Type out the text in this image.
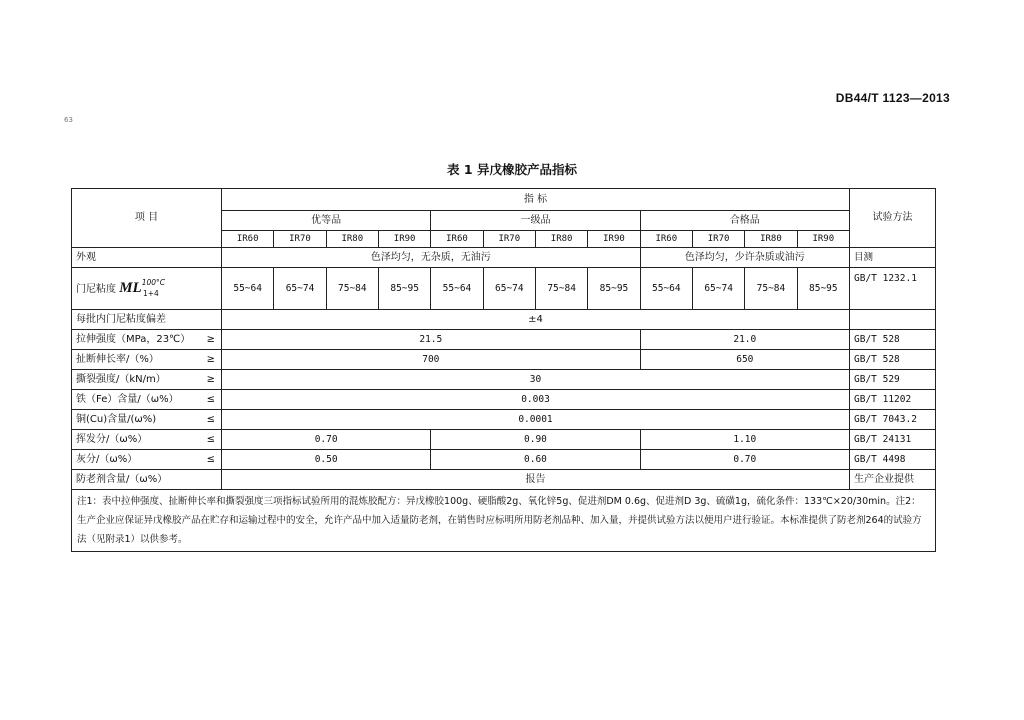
DB44/T 1123—2013
63
表 1 异戊橡胶产品指标
项 目	指 标												试验方法
	优等品				一级品				合格品				
	IR60	IR70	IR80	IR90	IR60	IR70	IR80	IR90	IR60	IR70	IR80	IR90	
外观	色泽均匀，无杂质，无油污								色泽均匀，少许杂质或油污				目测
门尼粘度 $ML^{100^\circ C}_{1+4}$	55~64	65~74	75~84	85~95	55~64	65~74	75~84	85~95	55~64	65~74	75~84	85~95	GB/T 1232.1
每批内门尼粘度偏差	±4												
拉伸强度（MPa，23℃） ≥	21.5								21.0				GB/T 528
扯断伸长率/（%） ≥	700								650				GB/T 528
撕裂强度/（kN/m） ≥	30												GB/T 529
铁（Fe）含量/（ω%） ≤	0.003												GB/T 11202
铜(Cu)含量/(ω%) ≤	0.0001												GB/T 7043.2
挥发分/（ω%） ≤	0.70				0.90				1.10				GB/T 24131
灰分/（ω%） ≤	0.50				0.60				0.70				GB/T 4498
防老剂含量/（ω%）	报告												生产企业提供
注1：表中拉伸强度、扯断伸长率和撕裂强度三项指标试验所用的混炼胶配方：异戊橡胶100g、硬脂酸2g、氧化锌5g、促进剂DM 0.6g、促进剂D 3g、硫磺1g，硫化条件：133℃×20/30min。注2：生产企业应保证异戊橡胶产品在贮存和运输过程中的安全，允许产品中加入适量防老剂，在销售时应标明所用防老剂品种、加入量，并提供试验方法以便用户进行验证。本标准提供了防老剂264的试验方法（见附录1）以供参考。													
